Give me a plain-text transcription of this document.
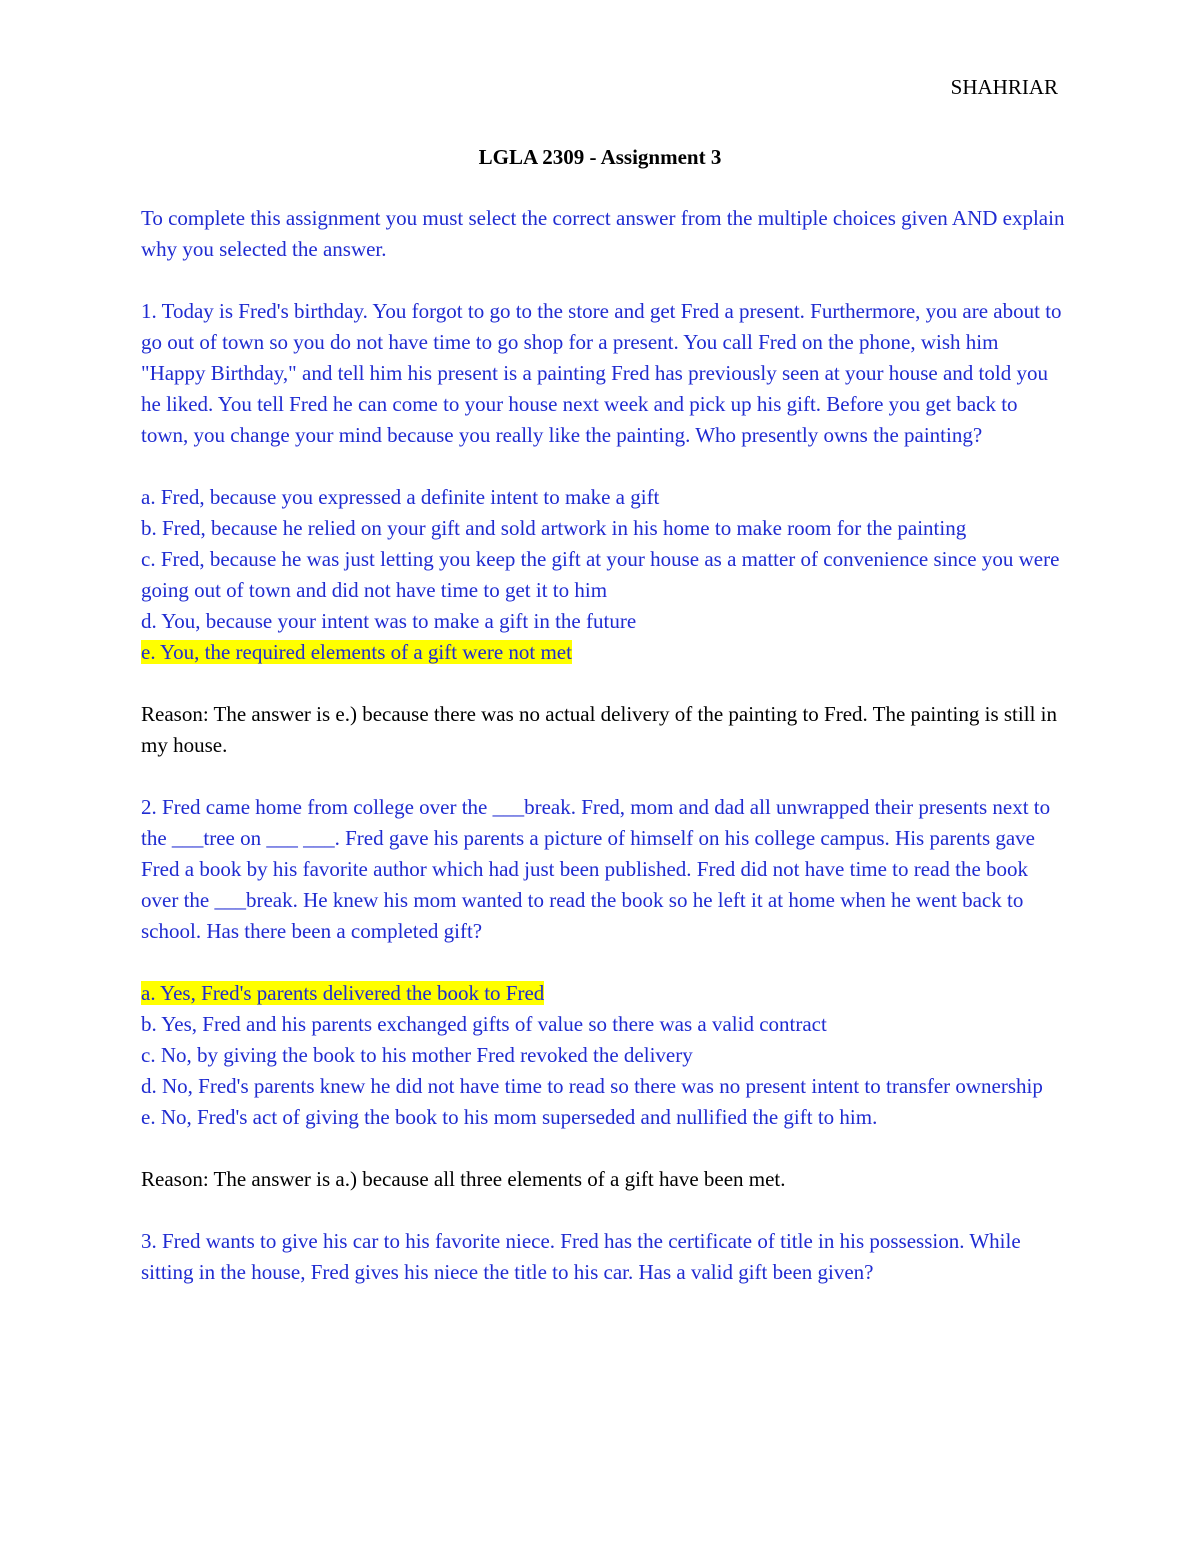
SHAHRIAR
LGLA 2309 - Assignment 3

To complete this assignment you must select the correct answer from the multiple choices given AND explain why you selected the answer.

1. Today is Fred's birthday. You forgot to go to the store and get Fred a present. Furthermore, you are about to go out of town so you do not have time to go shop for a present. You call Fred on the phone, wish him "Happy Birthday," and tell him his present is a painting Fred has previously seen at your house and told you he liked. You tell Fred he can come to your house next week and pick up his gift. Before you get back to town, you change your mind because you really like the painting. Who presently owns the painting?

a. Fred, because you expressed a definite intent to make a gift
b. Fred, because he relied on your gift and sold artwork in his home to make room for the painting
c. Fred, because he was just letting you keep the gift at your house as a matter of convenience since you were going out of town and did not have time to get it to him
d. You, because your intent was to make a gift in the future
e. You, the required elements of a gift were not met

Reason: The answer is e.) because there was no actual delivery of the painting to Fred. The painting is still in my house.

2. Fred came home from college over the ___break. Fred, mom and dad all unwrapped their presents next to the ___tree on ___ ___. Fred gave his parents a picture of himself on his college campus. His parents gave Fred a book by his favorite author which had just been published. Fred did not have time to read the book over the ___break. He knew his mom wanted to read the book so he left it at home when he went back to school. Has there been a completed gift?

a. Yes, Fred's parents delivered the book to Fred
b. Yes, Fred and his parents exchanged gifts of value so there was a valid contract
c. No, by giving the book to his mother Fred revoked the delivery
d. No, Fred's parents knew he did not have time to read so there was no present intent to transfer ownership
e. No, Fred's act of giving the book to his mom superseded and nullified the gift to him.

Reason: The answer is a.) because all three elements of a gift have been met.

3. Fred wants to give his car to his favorite niece. Fred has the certificate of title in his possession. While sitting in the house, Fred gives his niece the title to his car. Has a valid gift been given?
